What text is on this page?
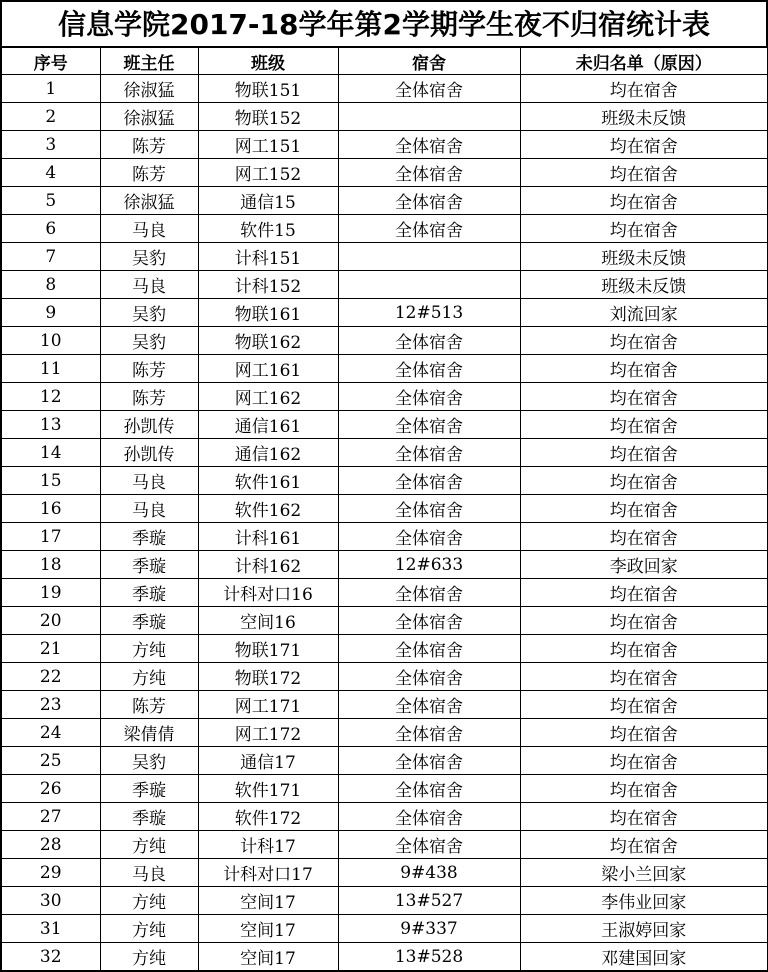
信息学院2017-18学年第2学期学生夜不归宿统计表
序号	班主任	班级	宿舍	未归名单（原因）
1	徐淑猛	物联151	全体宿舍	均在宿舍
2	徐淑猛	物联152		班级未反馈
3	陈芳	网工151	全体宿舍	均在宿舍
4	陈芳	网工152	全体宿舍	均在宿舍
5	徐淑猛	通信15	全体宿舍	均在宿舍
6	马良	软件15	全体宿舍	均在宿舍
7	吴豹	计科151		班级未反馈
8	马良	计科152		班级未反馈
9	吴豹	物联161	12#513	刘流回家
10	吴豹	物联162	全体宿舍	均在宿舍
11	陈芳	网工161	全体宿舍	均在宿舍
12	陈芳	网工162	全体宿舍	均在宿舍
13	孙凯传	通信161	全体宿舍	均在宿舍
14	孙凯传	通信162	全体宿舍	均在宿舍
15	马良	软件161	全体宿舍	均在宿舍
16	马良	软件162	全体宿舍	均在宿舍
17	季璇	计科161	全体宿舍	均在宿舍
18	季璇	计科162	12#633	李政回家
19	季璇	计科对口16	全体宿舍	均在宿舍
20	季璇	空间16	全体宿舍	均在宿舍
21	方纯	物联171	全体宿舍	均在宿舍
22	方纯	物联172	全体宿舍	均在宿舍
23	陈芳	网工171	全体宿舍	均在宿舍
24	梁倩倩	网工172	全体宿舍	均在宿舍
25	吴豹	通信17	全体宿舍	均在宿舍
26	季璇	软件171	全体宿舍	均在宿舍
27	季璇	软件172	全体宿舍	均在宿舍
28	方纯	计科17	全体宿舍	均在宿舍
29	马良	计科对口17	9#438	梁小兰回家
30	方纯	空间17	13#527	李伟业回家
31	方纯	空间17	9#337	王淑婷回家
32	方纯	空间17	13#528	邓建国回家
